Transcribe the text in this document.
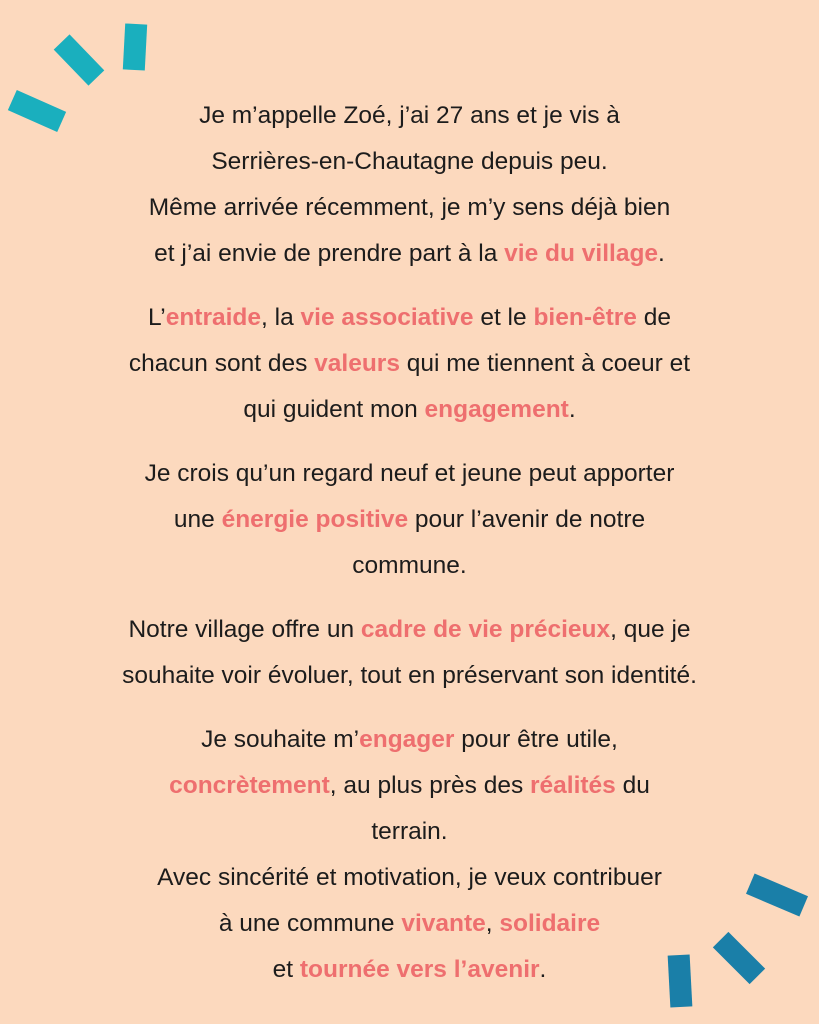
Je m’appelle Zoé, j’ai 27 ans et je vis à
Serrières-en-Chautagne depuis peu.
Même arrivée récemment, je m’y sens déjà bien
et j’ai envie de prendre part à la vie du village.
L’entraide, la vie associative et le bien-être de
chacun sont des valeurs qui me tiennent à coeur et
qui guident mon engagement.
Je crois qu’un regard neuf et jeune peut apporter
une énergie positive pour l’avenir de notre
commune.
Notre village offre un cadre de vie précieux, que je
souhaite voir évoluer, tout en préservant son identité.
Je souhaite m’engager pour être utile,
concrètement, au plus près des réalités du
terrain.
Avec sincérité et motivation, je veux contribuer
à une commune vivante, solidaire
et tournée vers l’avenir.
